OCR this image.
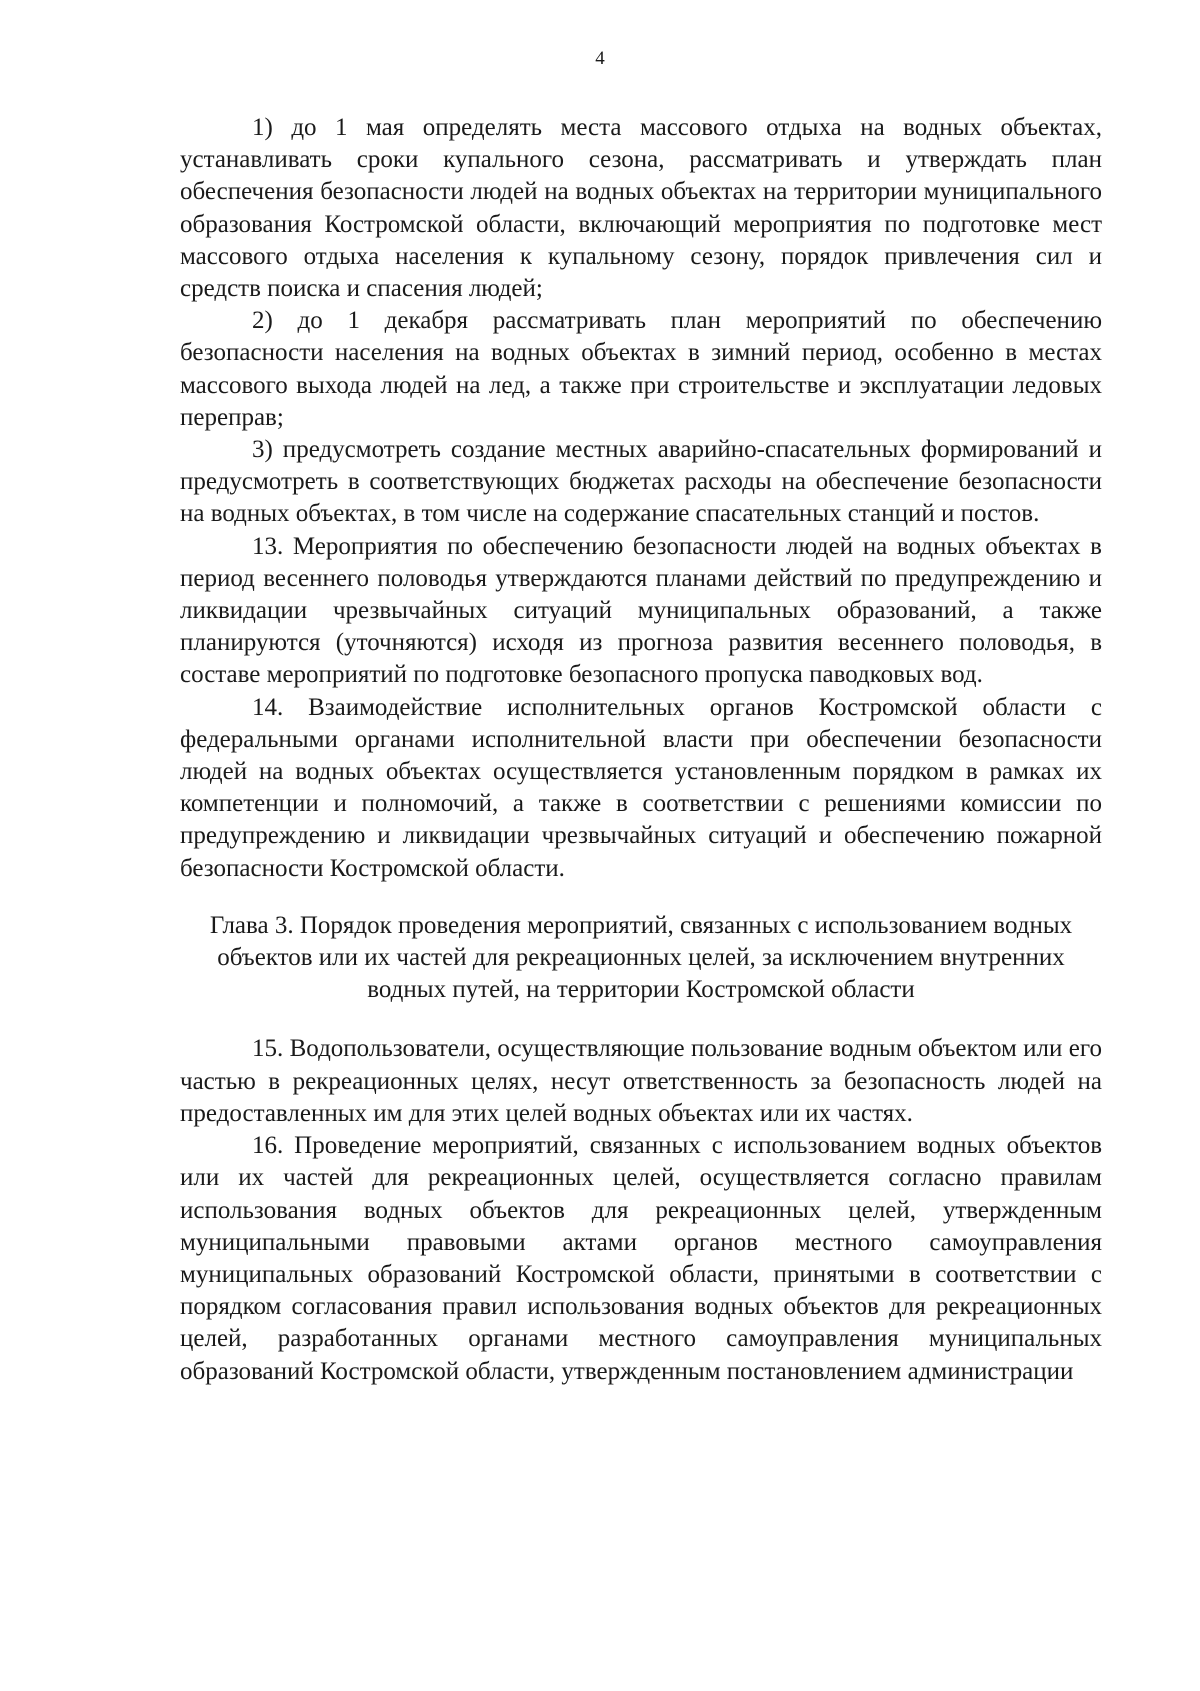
4

1) до 1 мая определять места массового отдыха на водных объектах, устанавливать сроки купального сезона, рассматривать и утверждать план обеспечения безопасности людей на водных объектах на территории муниципального образования Костромской области, включающий мероприятия по подготовке мест массового отдыха населения к купальному сезону, порядок привлечения сил и средств поиска и спасения людей;

2) до 1 декабря рассматривать план мероприятий по обеспечению безопасности населения на водных объектах в зимний период, особенно в местах массового выхода людей на лед, а также при строительстве и эксплуатации ледовых переправ;

3) предусмотреть создание местных аварийно-спасательных формирований и предусмотреть в соответствующих бюджетах расходы на обеспечение безопасности на водных объектах, в том числе на содержание спасательных станций и постов.

13. Мероприятия по обеспечению безопасности людей на водных объектах в период весеннего половодья утверждаются планами действий по предупреждению и ликвидации чрезвычайных ситуаций муниципальных образований, а также планируются (уточняются) исходя из прогноза развития весеннего половодья, в составе мероприятий по подготовке безопасного пропуска паводковых вод.

14. Взаимодействие исполнительных органов Костромской области с федеральными органами исполнительной власти при обеспечении безопасности людей на водных объектах осуществляется установленным порядком в рамках их компетенции и полномочий, а также в соответствии с решениями комиссии по предупреждению и ликвидации чрезвычайных ситуаций и обеспечению пожарной безопасности Костромской области.

Глава 3. Порядок проведения мероприятий, связанных с использованием водных объектов или их частей для рекреационных целей, за исключением внутренних водных путей, на территории Костромской области

15. Водопользователи, осуществляющие пользование водным объектом или его частью в рекреационных целях, несут ответственность за безопасность людей на предоставленных им для этих целей водных объектах или их частях.

16. Проведение мероприятий, связанных с использованием водных объектов или их частей для рекреационных целей, осуществляется согласно правилам использования водных объектов для рекреационных целей, утвержденным муниципальными правовыми актами органов местного самоуправления муниципальных образований Костромской области, принятыми в соответствии с порядком согласования правил использования водных объектов для рекреационных целей, разработанных органами местного самоуправления муниципальных образований Костромской области, утвержденным постановлением администрации
